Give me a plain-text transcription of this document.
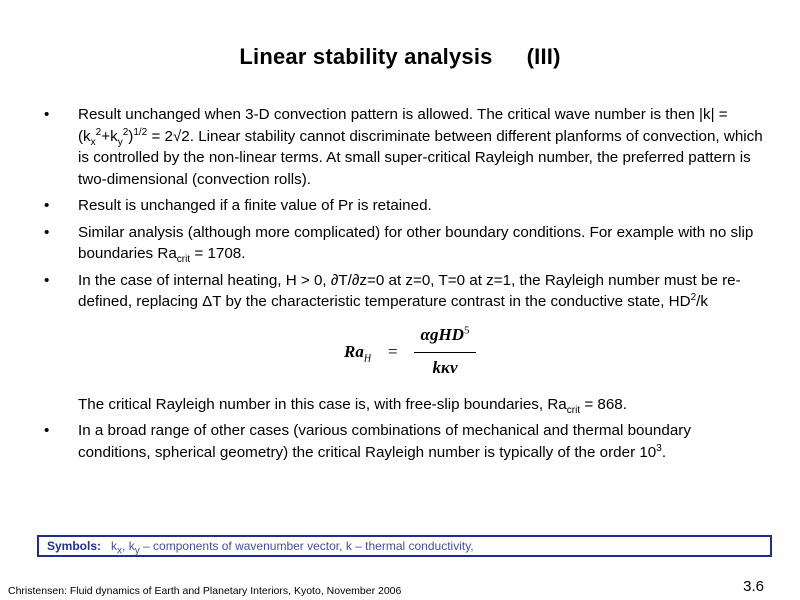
Linear stability analysis (III)
• Result unchanged when 3-D convection pattern is allowed. The critical wave number is then $|k| = (k_x^2+k_y^2)^{1/2} = 2√2$. Linear stability cannot discriminate between different planforms of convection, which is controlled by the non-linear terms. At small super-critical Rayleigh number, the preferred pattern is two-dimensional (convection rolls).
• Result is unchanged if a finite value of Pr is retained.
• Similar analysis (although more complicated) for other boundary conditions. For example with no slip boundaries $Ra_{crit} = 1708$.
• In the case of internal heating, H > 0, ∂T/∂z=0 at z=0, T=0 at z=1, the Rayleigh number must be re-defined, replacing ΔT by the characteristic temperature contrast in the conductive state, $HD^2/k$
$Ra_H$ =
αgHD$^5$
kκν
The critical Rayleigh number in this case is, with free-slip boundaries, $Ra_{crit} = 868$.
• In a broad range of other cases (various combinations of mechanical and thermal boundary conditions, spherical geometry) the critical Rayleigh number is typically of the order $10^3$.
Symbols: $k_x$, $k_y$ – components of wavenumber vector, k – thermal conductivity,
Christensen: Fluid dynamics of Earth and Planetary Interiors, Kyoto, November 2006	3.6
